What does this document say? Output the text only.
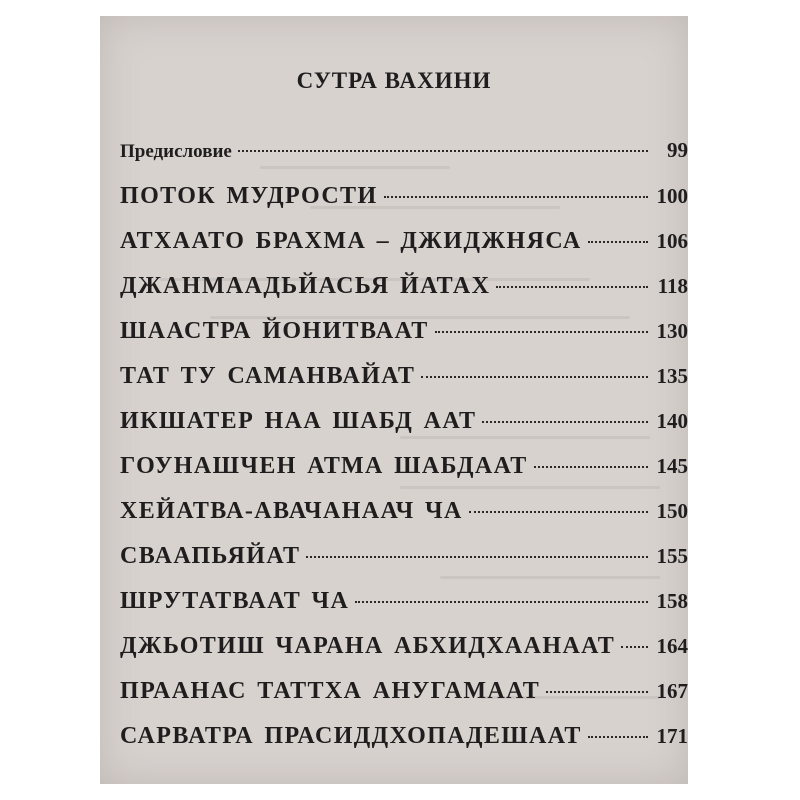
СУТРА ВАХИНИ
Предисловие	99
ПОТОК МУДРОСТИ	100
АТХААТО БРАХМА – ДЖИДЖНЯСА	106
ДЖАНМААДЬЙАСЬЯ ЙАТАХ	118
ШААСТРА ЙОНИТВААТ	130
ТАТ ТУ САМАНВАЙАТ	135
ИКШАТЕР НАА ШАБД ААТ	140
ГОУНАШЧЕН АТМА ШАБДААТ	145
ХЕЙАТВА-АВАЧАНААЧ ЧА	150
СВААПЬЯЙАТ	155
ШРУТАТВААТ ЧА	158
ДЖЬОТИШ ЧАРАНА АБХИДХААНААТ 164
ПРААНАС ТАТТХА АНУГАМААТ	167
САРВАТРА ПРАСИДДХОПАДЕШААТ	171
